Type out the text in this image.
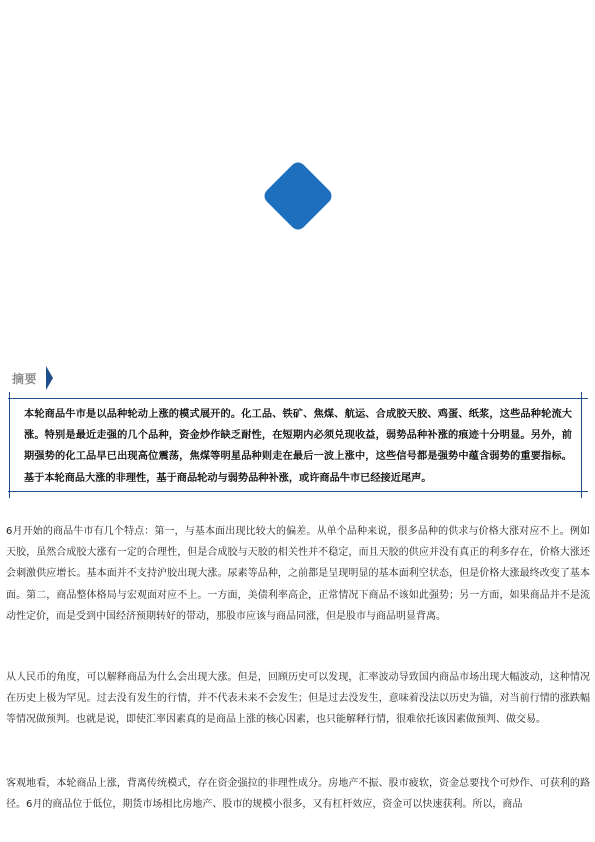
摘要
本轮商品牛市是以品种轮动上涨的模式展开的。化工品、铁矿、焦煤、航运、合成胶天胶、鸡蛋、纸浆，这些品种轮流大涨。特别是最近走强的几个品种，资金炒作缺乏耐性，在短期内必须兑现收益，弱势品种补涨的痕迹十分明显。另外，前期强势的化工品早已出现高位震荡，焦煤等明星品种则走在最后一波上涨中，这些信号都是强势中蕴含弱势的重要指标。基于本轮商品大涨的非理性，基于商品轮动与弱势品种补涨，或许商品牛市已经接近尾声。

6月开始的商品牛市有几个特点：第一，与基本面出现比较大的偏差。从单个品种来说，很多品种的供求与价格大涨对应不上。例如天胶，虽然合成胶大涨有一定的合理性，但是合成胶与天胶的相关性并不稳定，而且天胶的供应并没有真正的利多存在，价格大涨还会刺激供应增长。基本面并不支持沪胶出现大涨。尿素等品种，之前都是呈现明显的基本面利空状态，但是价格大涨最终改变了基本面。第二，商品整体格局与宏观面对应不上。一方面，美债利率高企，正常情况下商品不该如此强势；另一方面，如果商品并不是流动性定价，而是受到中国经济预期转好的带动，那股市应该与商品同涨，但是股市与商品明显背离。

从人民币的角度，可以解释商品为什么会出现大涨。但是，回顾历史可以发现，汇率波动导致国内商品市场出现大幅波动，这种情况在历史上极为罕见。过去没有发生的行情，并不代表未来不会发生；但是过去没发生，意味着没法以历史为锚，对当前行情的涨跌幅等情况做预判。也就是说，即使汇率因素真的是商品上涨的核心因素，也只能解释行情，很难依托该因素做预判、做交易。

客观地看，本轮商品上涨，背离传统模式，存在资金强拉的非理性成分。房地产不振、股市疲软，资金总要找个可炒作、可获利的路径。6月的商品位于低位，期货市场相比房地产、股市的规模小很多，又有杠杆效应，资金可以快速获利。所以，商品
